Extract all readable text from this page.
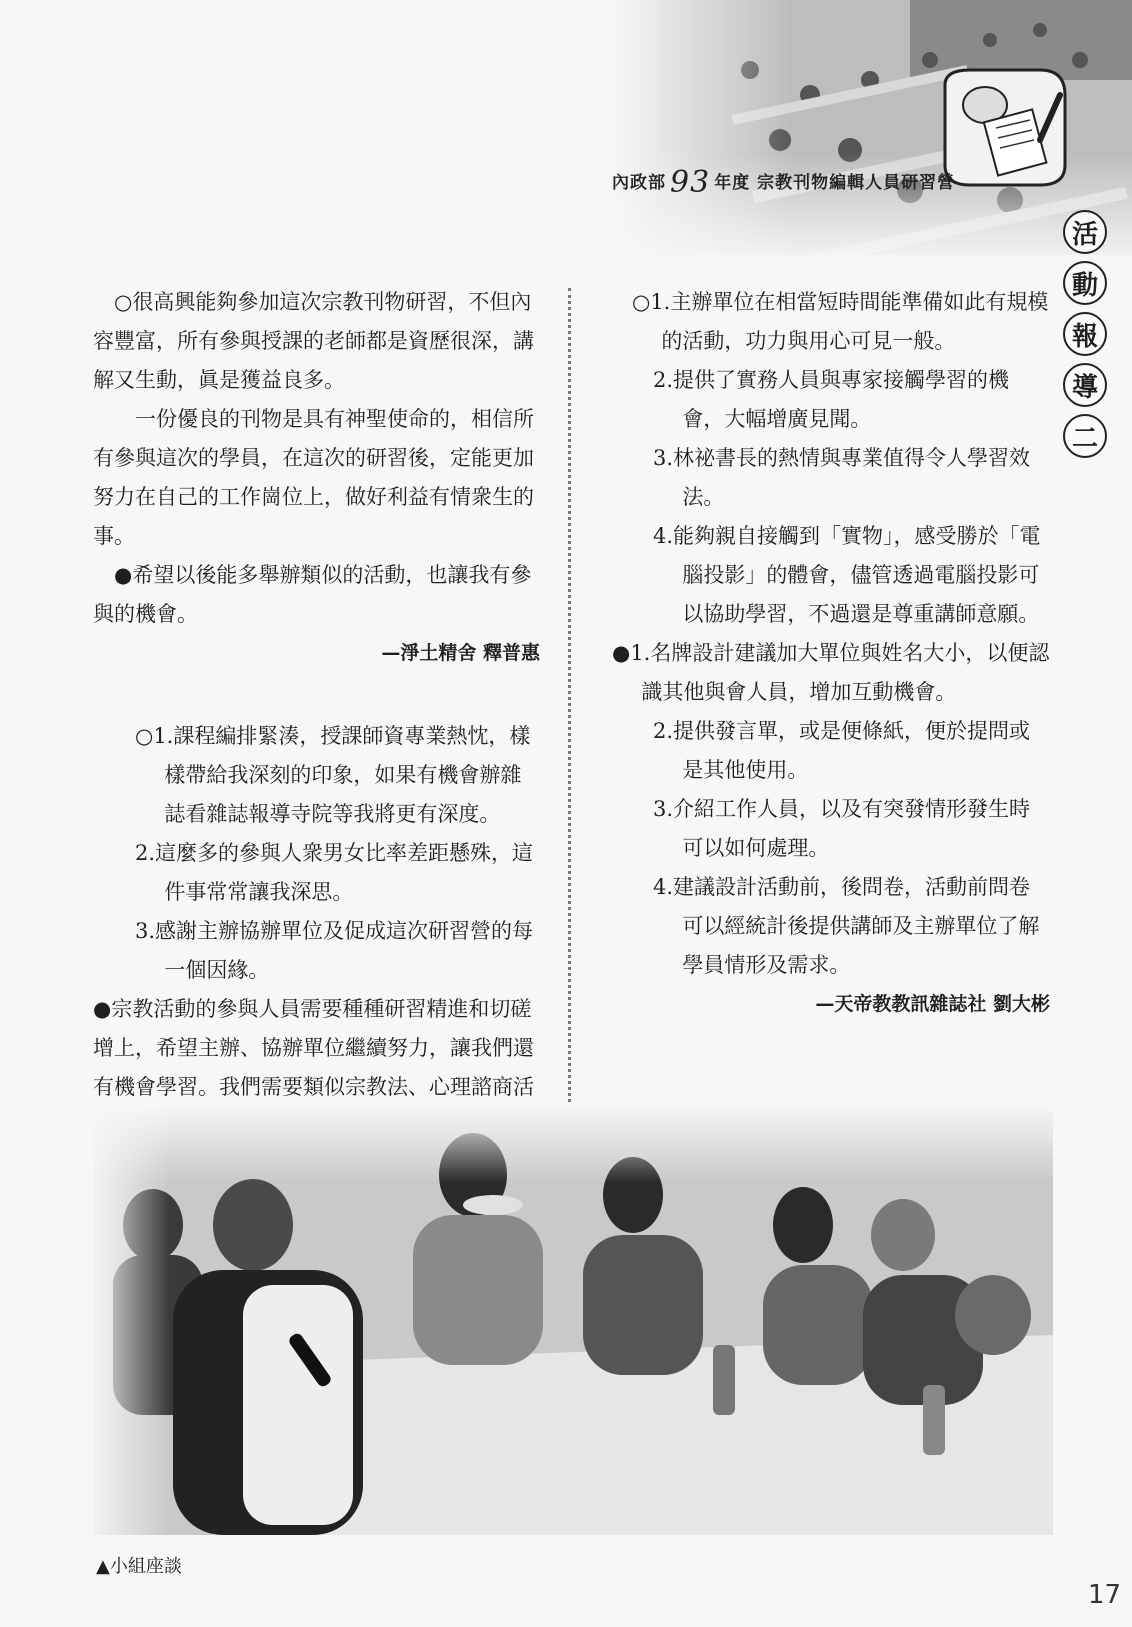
內政部 93 年度 宗教刊物編輯人員研習營
活
動
報
導
二

○很高興能夠參加這次宗教刊物研習，不但內容豐富，所有參與授課的老師都是資歷很深，講解又生動，眞是獲益良多。

一份優良的刊物是具有神聖使命的，相信所有參與這次的學員，在這次的研習後，定能更加努力在自己的工作崗位上，做好利益有情衆生的事。

●希望以後能多舉辦類似的活動，也讓我有參與的機會。

—淨土精舍 釋普惠

○1.課程編排緊湊，授課師資專業熱忱，樣樣帶給我深刻的印象，如果有機會辦雜誌看雜誌報導寺院等我將更有深度。

2.這麼多的參與人衆男女比率差距懸殊，這件事常常讓我深思。

3.感謝主辦協辦單位及促成這次研習營的每一個因緣。

●宗教活動的參與人員需要種種研習精進和切磋增上，希望主辦、協辦單位繼續努力，讓我們還有機會學習。我們需要類似宗教法、心理諮商活

○1.主辦單位在相當短時間能準備如此有規模的活動，功力與用心可見一般。

2.提供了實務人員與專家接觸學習的機會，大幅增廣見聞。

3.林祕書長的熱情與專業值得令人學習效法。

4.能夠親自接觸到「實物」，感受勝於「電腦投影」的體會，儘管透過電腦投影可以協助學習，不過還是尊重講師意願。

●1.名牌設計建議加大單位與姓名大小，以便認識其他與會人員，增加互動機會。

2.提供發言單，或是便條紙，便於提問或是其他使用。

3.介紹工作人員，以及有突發情形發生時可以如何處理。

4.建議設計活動前，後問卷，活動前問卷可以經統計後提供講師及主辦單位了解學員情形及需求。

—天帝教教訊雜誌社 劉大彬

▲小組座談
17
